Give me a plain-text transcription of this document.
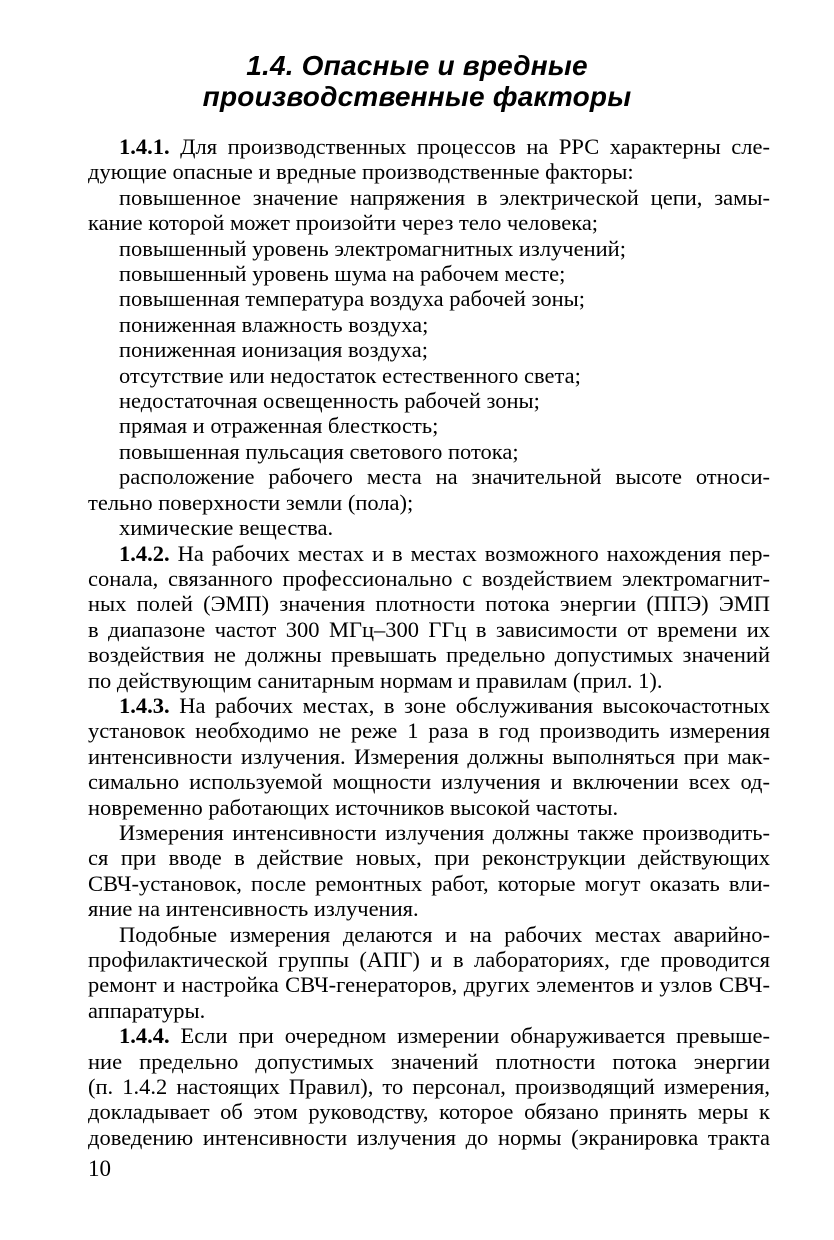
1.4. Опасные и вредные
производственные факторы
1.4.1. Для производственных процессов на РРС характерны сле-
дующие опасные и вредные производственные факторы:
повышенное значение напряжения в электрической цепи, замы-
кание которой может произойти через тело человека;
повышенный уровень электромагнитных излучений;
повышенный уровень шума на рабочем месте;
повышенная температура воздуха рабочей зоны;
пониженная влажность воздуха;
пониженная ионизация воздуха;
отсутствие или недостаток естественного света;
недостаточная освещенность рабочей зоны;
прямая и отраженная блесткость;
повышенная пульсация светового потока;
расположение рабочего места на значительной высоте относи-
тельно поверхности земли (пола);
химические вещества.
1.4.2. На рабочих местах и в местах возможного нахождения пер-
сонала, связанного профессионально с воздействием электромагнит-
ных полей (ЭМП) значения плотности потока энергии (ППЭ) ЭМП
в диапазоне частот 300 МГц–300 ГГц в зависимости от времени их
воздействия не должны превышать предельно допустимых значений
по действующим санитарным нормам и правилам (прил. 1).
1.4.3. На рабочих местах, в зоне обслуживания высокочастотных
установок необходимо не реже 1 раза в год производить измерения
интенсивности излучения. Измерения должны выполняться при мак-
симально используемой мощности излучения и включении всех од-
новременно работающих источников высокой частоты.
Измерения интенсивности излучения должны также производить-
ся при вводе в действие новых, при реконструкции действующих
СВЧ-установок, после ремонтных работ, которые могут оказать вли-
яние на интенсивность излучения.
Подобные измерения делаются и на рабочих местах аварийно-
профилактической группы (АПГ) и в лабораториях, где проводится
ремонт и настройка СВЧ-генераторов, других элементов и узлов СВЧ-
аппаратуры.
1.4.4. Если при очередном измерении обнаруживается превыше-
ние предельно допустимых значений плотности потока энергии
(п. 1.4.2 настоящих Правил), то персонал, производящий измерения,
докладывает об этом руководству, которое обязано принять меры к
доведению интенсивности излучения до нормы (экранировка тракта
10
